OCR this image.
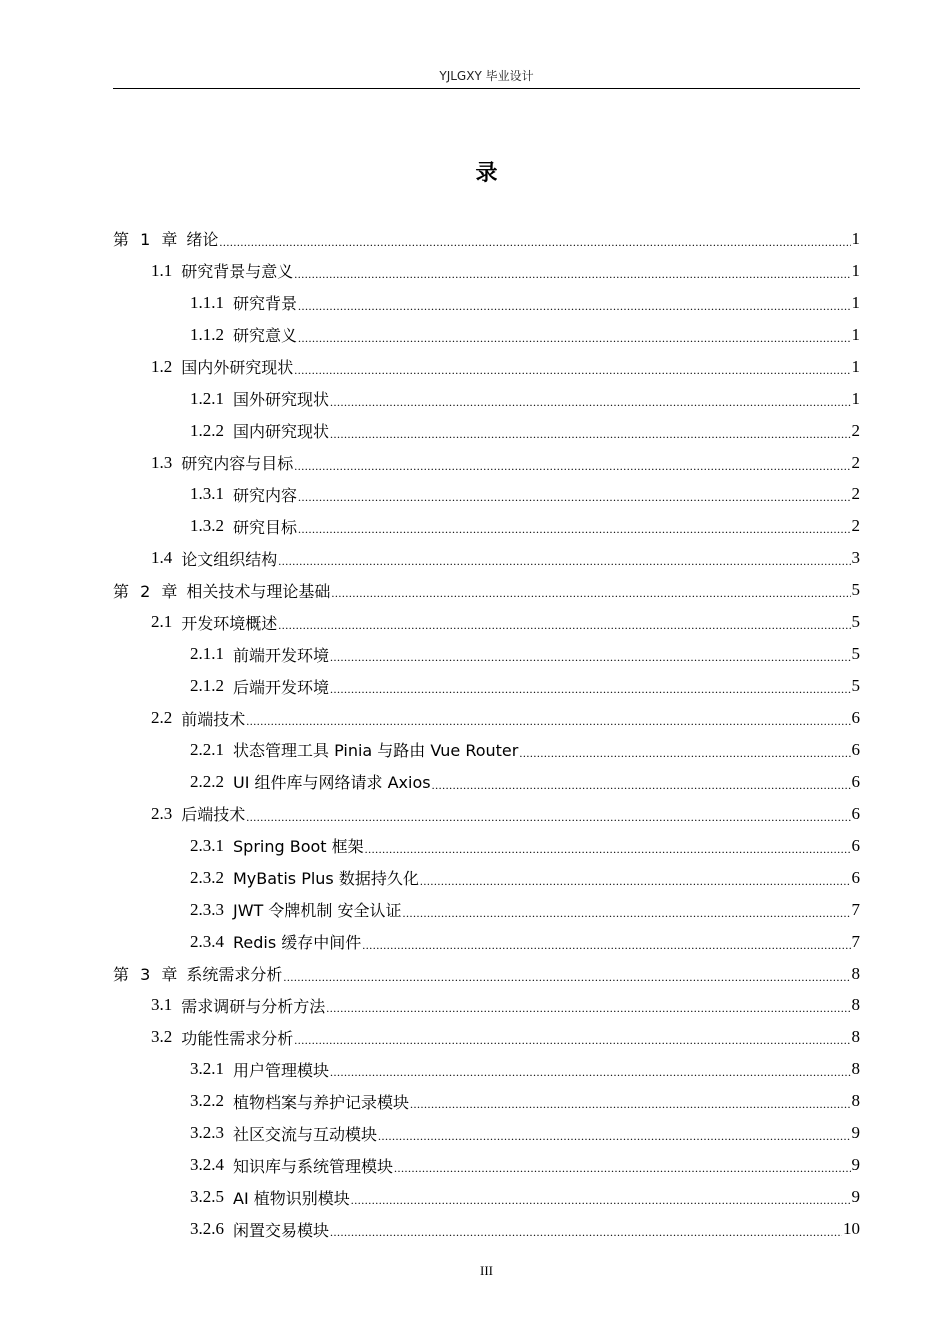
YJLGXY 毕业设计
录
第 1 章 绪论 .....	1
1.1 研究背景与意义 .....	1
1.1.1 研究背景 .....	1
1.1.2 研究意义 .....	1
1.2 国内外研究现状 .....	1
1.2.1 国外研究现状 .....	1
1.2.2 国内研究现状 .....	2
1.3 研究内容与目标 .....	2
1.3.1 研究内容 .....	2
1.3.2 研究目标 .....	2
1.4 论文组织结构 .....	3
第 2 章 相关技术与理论基础 .....	5
2.1 开发环境概述 .....	5
2.1.1 前端开发环境 .....	5
2.1.2 后端开发环境 .....	5
2.2 前端技术 .....	6
2.2.1 状态管理工具 Pinia 与路由 Vue Router .....	6
2.2.2 UI 组件库与网络请求 Axios .....	6
2.3 后端技术 .....	6
2.3.1 Spring Boot 框架 .....	6
2.3.2 MyBatis Plus 数据持久化 .....	6
2.3.3 JWT 令牌机制 安全认证 .....	7
2.3.4 Redis 缓存中间件 .....	7
第 3 章 系统需求分析 .....	8
3.1 需求调研与分析方法 .....	8
3.2 功能性需求分析 .....	8
3.2.1 用户管理模块 .....	8
3.2.2 植物档案与养护记录模块 .....	8
3.2.3 社区交流与互动模块 .....	9
3.2.4 知识库与系统管理模块 .....	9
3.2.5 AI 植物识别模块 .....	9
3.2.6 闲置交易模块 .....	10
III
